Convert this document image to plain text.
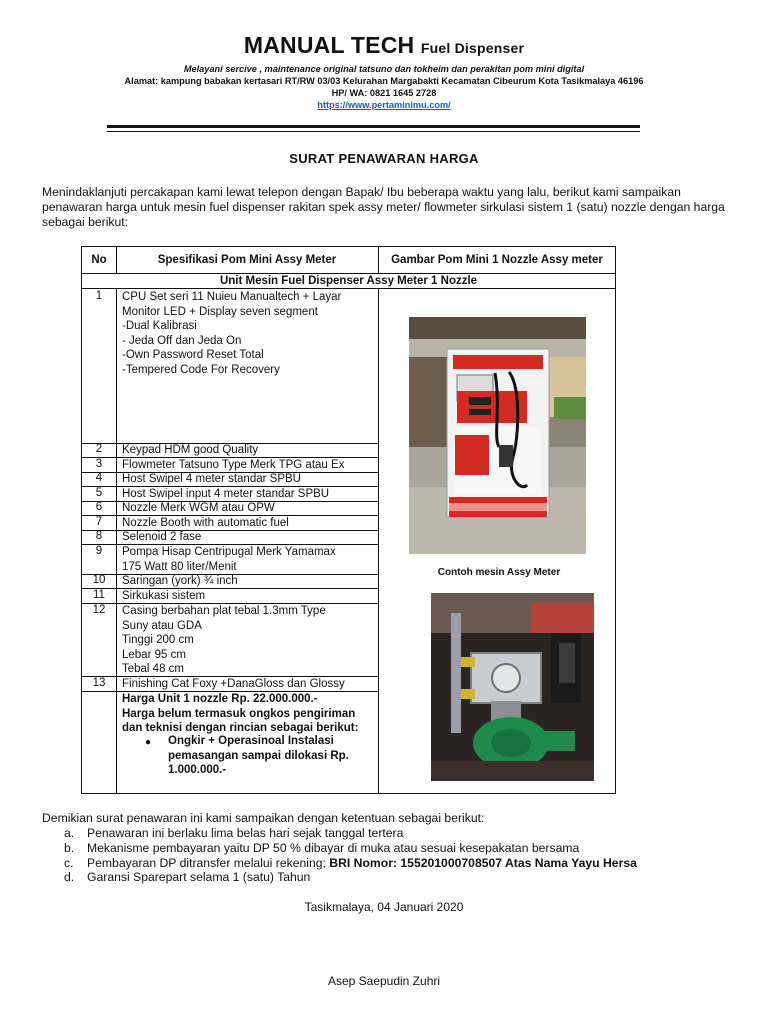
MANUAL TECH Fuel Dispenser
Melayani sercive , maintenance original tatsuno dan tokheim dan perakitan pom mini digital
Alamat: kampung babakan kertasari RT/RW 03/03 Kelurahan Margabakti Kecamatan Cibeurum Kota Tasikmalaya 46196
HP/ WA: 0821 1645 2728
https://www.pertaminimu.com/
SURAT PENAWARAN HARGA
Menindaklanjuti percakapan kami lewat telepon dengan Bapak/ Ibu beberapa waktu yang lalu, berikut kami sampaikan penawaran harga untuk mesin fuel dispenser rakitan spek assy meter/ flowmeter sirkulasi sistem 1 (satu) nozzle dengan harga sebagai berikut:
No	Spesifikasi Pom Mini Assy Meter	Gambar Pom Mini 1 Nozzle Assy meter
Unit Mesin Fuel Dispenser Assy Meter 1 Nozzle
1	CPU Set seri 11 Nuieu Manualtech + Layar
Monitor LED + Display seven segment
-Dual Kalibrasi
- Jeda Off dan Jeda On
-Own Password Reset Total
-Tempered Code For Recovery
2	Keypad HDM good Quality
3	Flowmeter Tatsuno Type Merk TPG atau Ex
4	Host Swipel 4 meter standar SPBU
5	Host Swipel input 4 meter standar SPBU
6	Nozzle Merk WGM atau OPW
7	Nozzle Booth with automatic fuel
8	Selenoid 2 fase
9	Pompa Hisap Centripugal Merk Yamamax
175 Watt 80 liter/Menit
10	Saringan (york) ¾ inch
11	Sirkukasi sistem
12	Casing berbahan plat tebal 1.3mm Type
Suny atau GDA
Tinggi 200 cm
Lebar 95 cm
Tebal 48 cm
13	Finishing Cat Foxy +DanaGloss dan Glossy
Harga Unit 1 nozzle Rp. 22.000.000.-
Harga belum termasuk ongkos pengiriman
dan teknisi dengan rincian sebagai berikut:
●	Ongkir + Operasinoal Instalasi
pemasangan sampai dilokasi Rp.
1.000.000.-
Contoh mesin Assy Meter
Demikian surat penawaran ini kami sampaikan dengan ketentuan sebagai berikut:
a.	Penawaran ini berlaku lima belas hari sejak tanggal tertera
b.	Mekanisme pembayaran yaitu DP 50 % dibayar di muka atau sesuai kesepakatan bersama
c.	Pembayaran DP ditransfer melalui rekening; BRI Nomor: 155201000708507 Atas Nama Yayu Hersa
d.	Garansi Sparepart selama 1 (satu) Tahun
Tasikmalaya, 04 Januari 2020
Asep Saepudin Zuhri
